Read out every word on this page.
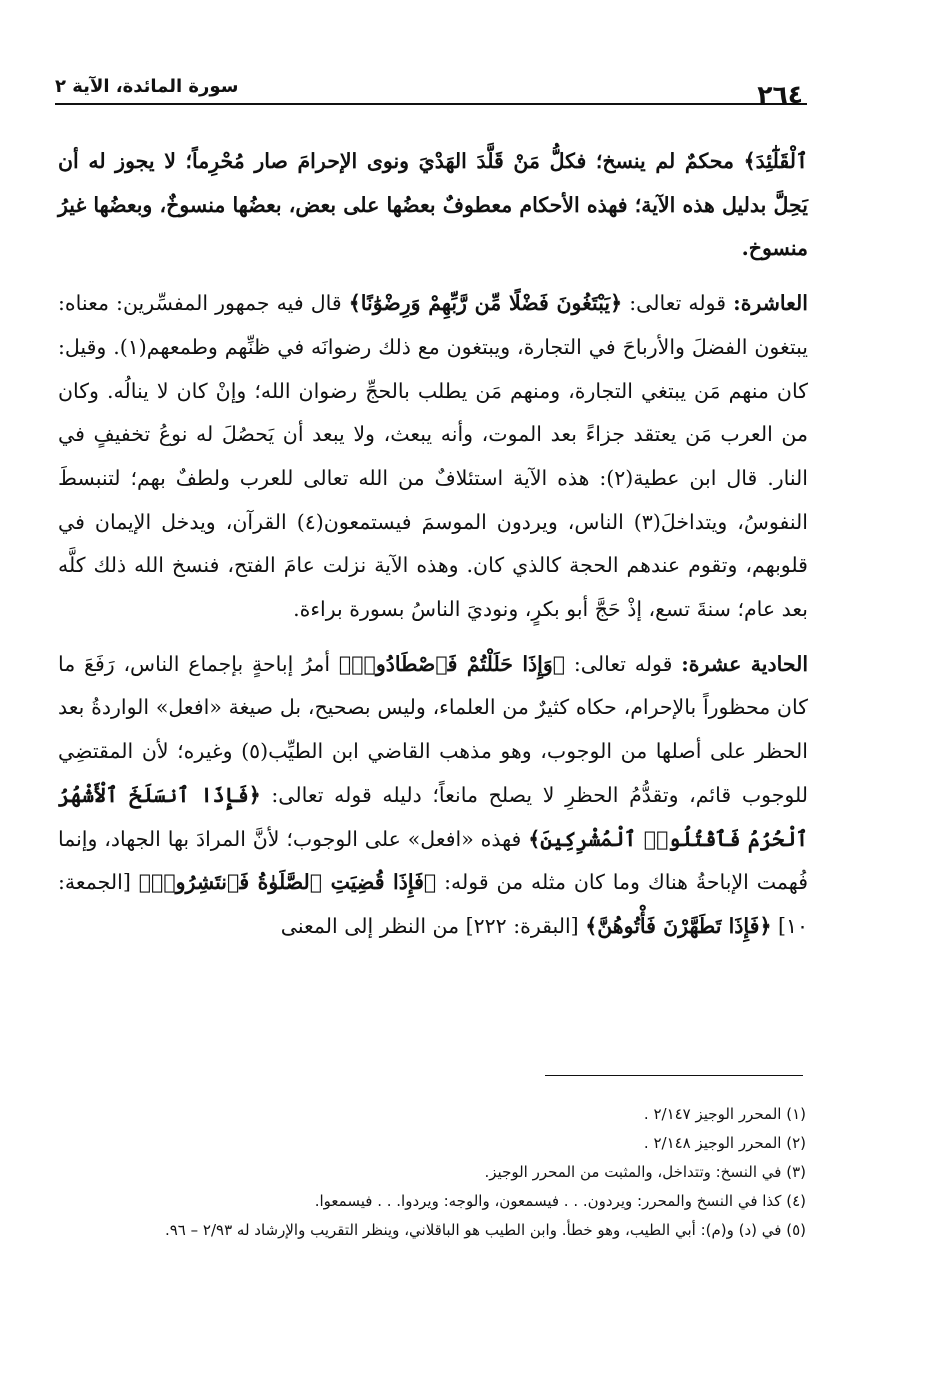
٢٦٤
سورة المائدة، الآية ٢

ٱلْقَلَٰٓئِدَ﴾ محكمٌ لم ينسخ؛ فكلُّ مَنْ قَلَّدَ الهَدْيَ ونوى الإحرامَ صار مُحْرِماً؛ لا يجوز له أن يَحِلَّ بدليل هذه الآية؛ فهذه الأحكام معطوفٌ بعضُها على بعض، بعضُها منسوخٌ، وبعضُها غيرُ منسوخ.

العاشرة: قوله تعالى: ﴿يَبْتَغُونَ فَضْلًا مِّن رَّبِّهِمْ وَرِضْوَٰنًا﴾ قال فيه جمهور المفسِّرين: معناه: يبتغون الفضلَ والأرباحَ في التجارة، ويبتغون مع ذلك رضوانَه في ظنِّهم وطمعهم(١). وقيل: كان منهم مَن يبتغي التجارة، ومنهم مَن يطلب بالحجِّ رضوان الله؛ وإنْ كان لا ينالُه. وكان من العرب مَن يعتقد جزاءً بعد الموت، وأنه يبعث، ولا يبعد أن يَحصُلَ له نوعُ تخفيفٍ في النار. قال ابن عطية(٢): هذه الآية استئلافٌ من الله تعالى للعرب ولطفٌ بهم؛ لتنبسطَ النفوسُ، ويتداخلَ(٣) الناس، ويردون الموسمَ فيستمعون(٤) القرآن، ويدخل الإيمان في قلوبهم، وتقوم عندهم الحجة كالذي كان. وهذه الآية نزلت عامَ الفتح، فنسخ الله ذلك كلَّه بعد عام؛ سنةَ تسع، إذْ حَجَّ أبو بكرٍ، ونوديَ الناسُ بسورة براءة.

الحادية عشرة: قوله تعالى: ﴿وَإِذَا حَلَلْتُمْ فَٱصْطَادُوا۟﴾ أمرُ إباحةٍ بإجماع الناس، رَفَعَ ما كان محظوراً بالإحرام، حكاه كثيرٌ من العلماء، وليس بصحيح، بل صيغة «افعل» الواردةُ بعد الحظر على أصلها من الوجوب، وهو مذهب القاضي ابن الطيِّب(٥) وغيره؛ لأن المقتضِي للوجوب قائم، وتقدُّمُ الحظرِ لا يصلح مانعاً؛ دليله قوله تعالى: ﴿فَإِذَا ٱنسَلَخَ ٱلْأَشْهُرُ ٱلْحُرُمُ فَٱقْتُلُوا۟ ٱلْمُشْرِكِينَ﴾ فهذه «افعل» على الوجوب؛ لأنَّ المرادَ بها الجهاد، وإنما فُهمت الإباحةُ هناك وما كان مثله من قوله: ﴿فَإِذَا قُضِيَتِ ٱلصَّلَوٰةُ فَٱنتَشِرُوا۟﴾ [الجمعة: ١٠] ﴿فَإِذَا تَطَهَّرْنَ فَأْتُوهُنَّ﴾ [البقرة: ٢٢٢] من النظر إلى المعنى

(١) المحرر الوجيز ٢/١٤٧ .
(٢) المحرر الوجيز ٢/١٤٨ .
(٣) في النسخ: وتتداخل، والمثبت من المحرر الوجيز.
(٤) كذا في النسخ والمحرر: ويردون. . . فيسمعون، والوجه: ويردوا. . . فيسمعوا.
(٥) في (د) و(م): أبي الطيب، وهو خطأ. وابن الطيب هو الباقلاني، وينظر التقريب والإرشاد له ٢/٩٣ – ٩٦.
